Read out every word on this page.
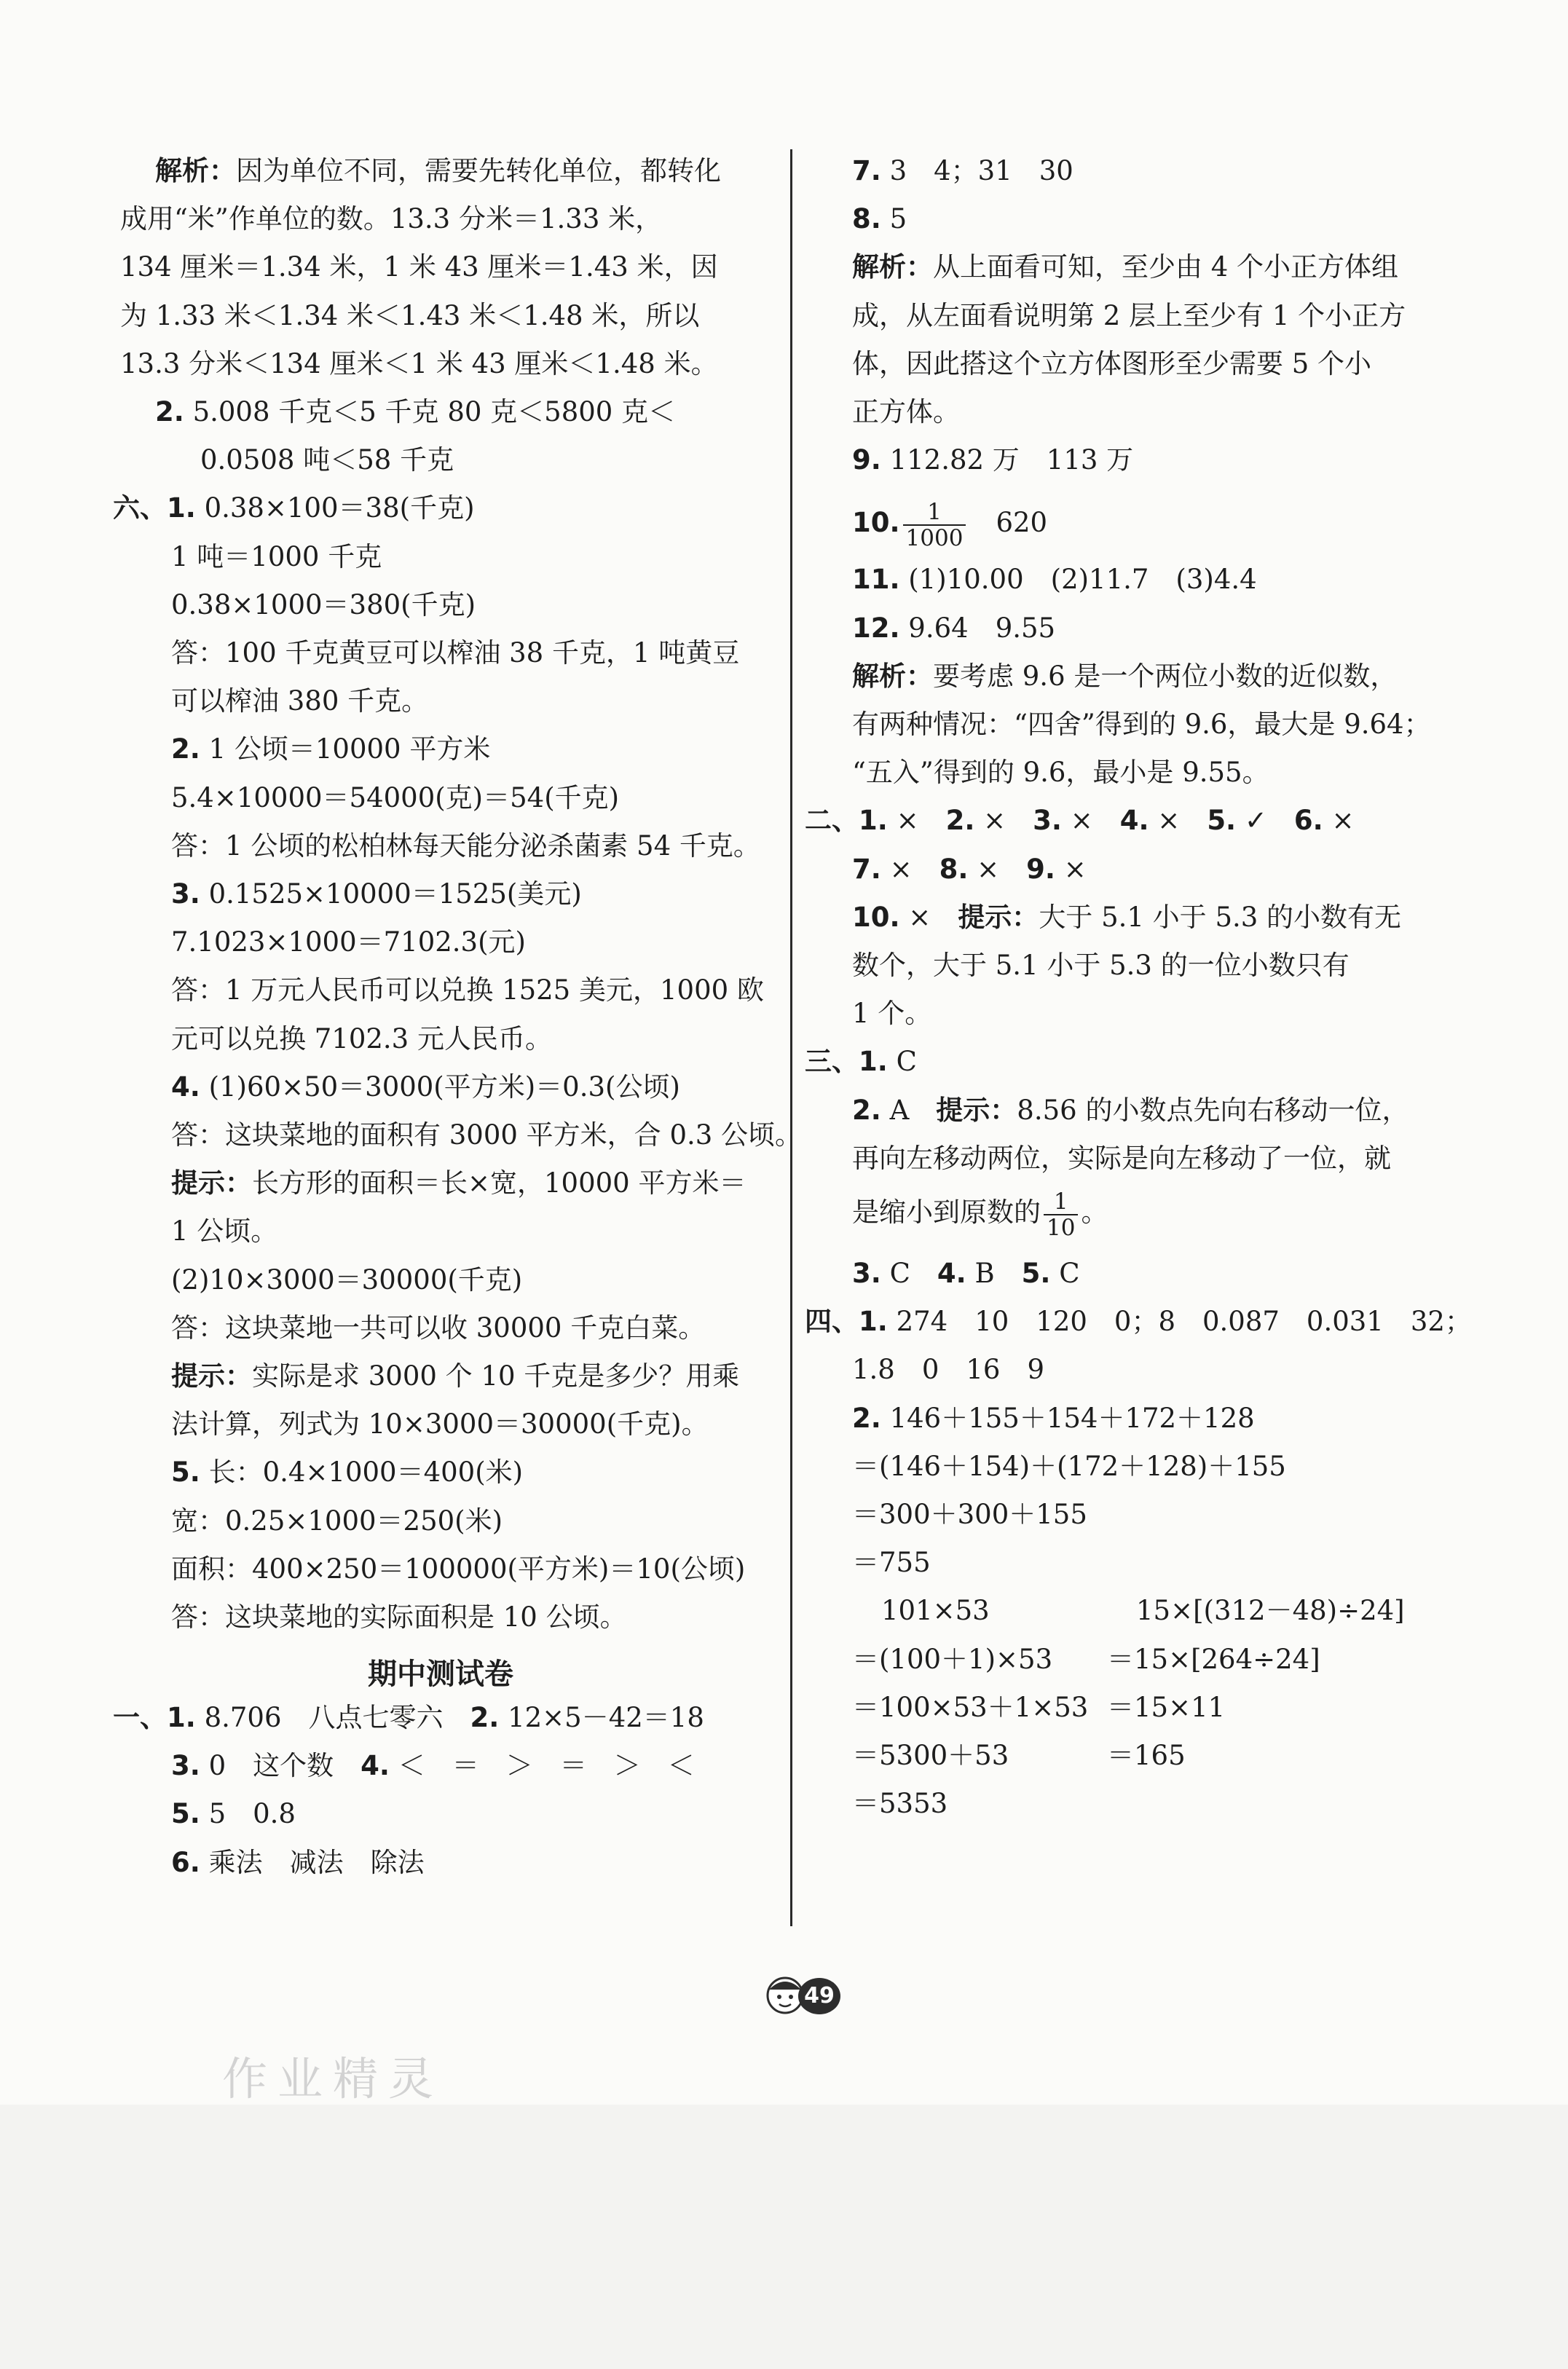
解析：因为单位不同，需要先转化单位，都转化
成用“米”作单位的数。13.3 分米＝1.33 米，
134 厘米＝1.34 米，1 米 43 厘米＝1.43 米，因
为 1.33 米＜1.34 米＜1.43 米＜1.48 米，所以
13.3 分米＜134 厘米＜1 米 43 厘米＜1.48 米。
2. 5.008 千克＜5 千克 80 克＜5800 克＜
0.0508 吨＜58 千克
六、1. 0.38×100＝38(千克)
1 吨＝1000 千克
0.38×1000＝380(千克)
答：100 千克黄豆可以榨油 38 千克，1 吨黄豆
可以榨油 380 千克。
2. 1 公顷＝10000 平方米
5.4×10000＝54000(克)＝54(千克)
答：1 公顷的松柏林每天能分泌杀菌素 54 千克。
3. 0.1525×10000＝1525(美元)
7.1023×1000＝7102.3(元)
答：1 万元人民币可以兑换 1525 美元，1000 欧
元可以兑换 7102.3 元人民币。
4. (1)60×50＝3000(平方米)＝0.3(公顷)
答：这块菜地的面积有 3000 平方米，合 0.3 公顷。
提示：长方形的面积＝长×宽，10000 平方米＝
1 公顷。
(2)10×3000＝30000(千克)
答：这块菜地一共可以收 30000 千克白菜。
提示：实际是求 3000 个 10 千克是多少？用乘
法计算，列式为 10×3000＝30000(千克)。
5. 长：0.4×1000＝400(米)
宽：0.25×1000＝250(米)
面积：400×250＝100000(平方米)＝10(公顷)
答：这块菜地的实际面积是 10 公顷。
期中测试卷
一、1. 8.706　八点七零六　2. 12×5－42＝18
3. 0　这个数　4. ＜　＝　＞　＝　＞　＜
5. 5　0.8
6. 乘法　减法　除法
7. 3　4；31　30
8. 5
解析：从上面看可知，至少由 4 个小正方体组
成，从左面看说明第 2 层上至少有 1 个小正方
体，因此搭这个立方体图形至少需要 5 个小
正方体。
9. 112.82 万　113 万
10. $\frac{1}{1000}$ 　620
11. (1)10.00　(2)11.7　(3)4.4
12. 9.64　9.55
解析：要考虑 9.6 是一个两位小数的近似数，
有两种情况：“四舍”得到的 9.6，最大是 9.64；
“五入”得到的 9.6，最小是 9.55。
二、1. ×　2. ×　3. ×　4. ×　5. ✓　6. ×
7. ×　8. ×　9. ×
10. ×　提示：大于 5.1 小于 5.3 的小数有无
数个，大于 5.1 小于 5.3 的一位小数只有
1 个。
三、1. C
2. A　提示：8.56 的小数点先向右移动一位，
再向左移动两位，实际是向左移动了一位，就
是缩小到原数的 $\frac{1}{10}$ 。
3. C　4. B　5. C
四、1. 274　10　120　0；8　0.087　0.031　32；
1.8　0　16　9
2. 146＋155＋154＋172＋128
＝(146＋154)＋(172＋128)＋155
＝300＋300＋155
＝755
101×53
＝(100＋1)×53
＝100×53＋1×53
＝5300＋53
＝5353
15×[(312－48)÷24]
＝15×[264÷24]
＝15×11
＝165
49
作业精灵
